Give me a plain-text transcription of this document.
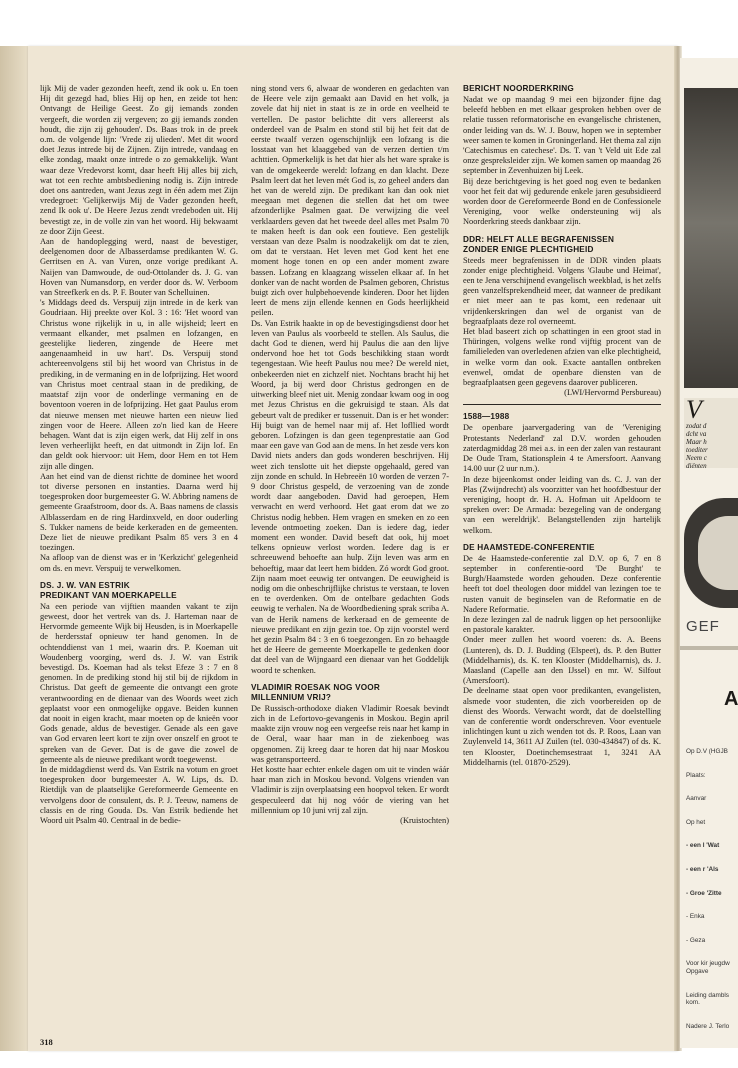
lijk Mij de vader gezonden heeft, zend ik ook u. En toen Hij dit gezegd had, blies Hij op hen, en zeide tot hen: Ontvangt de Heilige Geest. Zo gij iemands zonden vergeeft, die worden zij vergeven; zo gij iemands zonden houdt, die zijn zij gehouden'. Ds. Baas trok in de preek o.m. de volgende lijn: 'Vrede zij ulieden'. Met dit woord doet Jezus intrede bij de Zijnen. Zijn intrede, vandaag en elke zondag, maakt onze intrede o zo gemakkelijk. Want waar deze Vredevorst komt, daar heeft Hij alles bij zich, wat tot een rechte ambtsbediening nodig is. Zijn intrede doet ons aantreden, want Jezus zegt in één adem met Zijn vredegroet: 'Gelijkerwijs Mij de Vader gezonden heeft, zend Ik ook u'. De Heere Jezus zendt vredeboden uit. Hij bevestigt ze, in de volle zin van het woord. Hij bekwaamt ze door Zijn Geest.

Aan de handoplegging werd, naast de bevestiger, deelgenomen door de Albasserdamse predikanten W. G. Gerritsen en A. van Vuren, onze vorige predikant A. Naijen van Damwoude, de oud-Ottolander ds. J. G. van Hoven van Numansdorp, en verder door ds. W. Verboom van Streefkerk en ds. P. F. Bouter van Schelluinen.

's Middags deed ds. Verspuij zijn intrede in de kerk van Goudriaan. Hij preekte over Kol. 3 : 16: 'Het woord van Christus wone rijkelijk in u, in alle wijsheid; leert en vermaant elkander, met psalmen en lofzangen, en geestelijke liederen, zingende de Heere met aangenaamheid in uw hart'. Ds. Verspuij stond achtereenvolgens stil bij het woord van Christus in de prediking, in de vermaning en in de lofprijzing. Het woord van Christus moet centraal staan in de prediking, de maatstaf zijn voor de onderlinge vermaning en de boventoon voeren in de lofprijzing. Het gaat Paulus erom dat nieuwe mensen met nieuwe harten een nieuw lied zingen voor de Heere. Alleen zo'n lied kan de Heere behagen. Want dat is zijn eigen werk, dat Hij zelf in ons leven verheerlijkt heeft, en dat uitmondt in Zijn lof. En dan geldt ook hiervoor: uit Hem, door Hem en tot Hem zijn alle dingen.

Aan het eind van de dienst richtte de dominee het woord tot diverse personen en instanties. Daarna werd hij toegesproken door burgemeester G. W. Abbring namens de gemeente Graafstroom, door ds. A. Baas namens de classis Alblasserdam en de ring Hardinxveld, en door ouderling S. Tukker namens de beide kerkeraden en de gemeenten. Deze liet de nieuwe predikant Psalm 85 vers 3 en 4 toezingen.

Na afloop van de dienst was er in 'Kerkzicht' gelegenheid om ds. en mevr. Verspuij te verwelkomen.

DS. J. W. VAN ESTRIK
PREDIKANT VAN MOERKAPELLE

Na een periode van vijftien maanden vakant te zijn geweest, door het vertrek van ds. J. Harteman naar de Hervormde gemeente Wijk bij Heusden, is in Moerkapelle de herdersstaf opnieuw ter hand genomen. In de ochtenddienst van 1 mei, waarin drs. P. Koeman uit Woudenberg voorging, werd ds. J. W. van Estrik bevestigd. Ds. Koeman had als tekst Efeze 3 : 7 en 8 genomen. In de prediking stond hij stil bij de rijkdom in Christus. Dat geeft de gemeente die ontvangt een grote verantwoording en de dienaar van des Woords weet zich geplaatst voor een onmogelijke opgave. Beiden kunnen dat nooit in eigen kracht, maar moeten op de knieën voor Gods genade, aldus de bevestiger. Genade als een gave van God ervaren leert kort te zijn over onszelf en groot te spreken van de Gever. Dat is de gave die zowel de gemeente als de nieuwe predikant wordt toegewenst.

In de middagdienst werd ds. Van Estrik na votum en groet toegesproken door burgemeester A. W. Lips, ds. D. Rietdijk van de plaatselijke Gereformeerde Gemeente en vervolgens door de consulent, ds. P. J. Teeuw, namens de classis en de ring Gouda. Ds. Van Estrik bediende het Woord uit Psalm 40. Centraal in de bedie-

ning stond vers 6, alwaar de wonderen en gedachten van de Heere vele zijn gemaakt aan David en het volk, ja zovele dat hij niet in staat is ze in orde en veelheid te vertellen. De pastor belichtte dit vers allereerst als onderdeel van de Psalm en stond stil bij het feit dat de eerste twaalf verzen ogenschijnlijk een lofzang is die losstaat van het klaaggebed van de verzen dertien t/m achttien. Opmerkelijk is het dat hier als het ware sprake is van de omgekeerde wereld: lofzang en dan klacht. Deze Psalm leert dat het leven mét God is, zo geheel anders dan het van de wereld zijn. De predikant kan dan ook niet meegaan met degenen die stellen dat het om twee afzonderlijke Psalmen gaat. De verwijzing die veel verklaarders geven dat het tweede deel alles met Psalm 70 te maken heeft is dan ook een foutieve. Een gestelijk verstaan van deze Psalm is noodzakelijk om dat te zien, om dat te verstaan. Het leven met God kent het ene moment hoge tonen en op een ander moment zware bassen. Lofzang en klaagzang wisselen elkaar af. In het donker van de nacht worden de Psalmen geboren, Christus buigt zich over hulpbehoevende kinderen. Door het lijden leert de mens zijn ellende kennen en Gods heerlijkheid peilen.

Ds. Van Estrik haakte in op de bevestigingsdienst door het leven van Paulus als voorbeeld te stellen. Als Saulus, die dacht God te dienen, werd hij Paulus die aan den lijve ondervond hoe het tot Gods beschikking staan wordt tegengestaan. Wie heeft Paulus nou mee? De wereld niet, onbekeerden niet en zichzelf niet. Nochtans bracht hij het Woord, ja bij werd door Christus gedrongen en de uitwerking bleef niet uit. Menig zondaar kwam oog in oog met Jezus Christus en die gekruisigd te staan. Als dat gebeurt valt de prediker er tussenuit. Dan is er het wonder: Hij buigt van de hemel naar mij af. Het lofllied wordt geboren. Lofzingen is dan geen tegenprestatie aan God maar een gave van God aan de mens. In het zesde vers kon David niets anders dan gods wonderen beschrijven. Hij weet zich tenslotte uit het diepste opgehaald, gered van zijn zonde en schuld. In Hebreeën 10 worden de verzen 7-9 door Christus gespeld, de verzoening van de zonde wordt daar aangeboden. David had geroepen, Hem verwacht en werd verhoord. Het gaat erom dat we zo Christus nodig hebben. Hem vragen en smeken en zo een levende ontmoeting zoeken. Dan is iedere dag, ieder moment een wonder. David beseft dat ook, hij moet telkens opnieuw verlost worden. Iedere dag is er schreeuwend behoefte aan hulp. Zijn leven was arm en behoeftig, maar dat leert hem bidden. Zó wordt God groot. Zijn naam moet eeuwig ter ontvangen. De eeuwigheid is nodig om die onbeschrijflijke christus te verstaan, te loven en te overdenken. Om de ontelbare gedachten Gods eeuwig te verhalen. Na de Woordbediening sprak scriba A. van de Herik namens de kerkeraad en de gemeente de nieuwe predikant en zijn gezin toe. Op zijn voorstel werd het gezin Psalm 84 : 3 en 6 toegezongen. En zo behaagde het de Heere de gemeente Moerkapelle te gedenken door dat deel van de Wijngaard een dienaar van het Goddelijk woord te schenken.

VLADIMIR ROESAK NOG VOOR
MILLENNIUM VRIJ?

De Russisch-orthodoxe diaken Vladimir Roesak bevindt zich in de Lefortovo-gevangenis in Moskou. Begin april maakte zijn vrouw nog een vergeefse reis naar het kamp in de Oeral, waar haar man in de ziekenboeg was opgenomen. Zij kreeg daar te horen dat hij naar Moskou was getransporteerd.

Het kostte haar echter enkele dagen om uit te vinden wáár haar man zich in Moskou bevond. Volgens vrienden van Vladimir is zijn overplaatsing een hoopvol teken. Er wordt gespeculeerd dat hij nog vóór de viering van het millennium op 10 juni vrij zal zijn.

(Kruistochten)
BERICHT NOORDERKRING

Nadat we op maandag 9 mei een bijzonder fijne dag beleefd hebben en met elkaar gesproken hebben over de relatie tussen reformatorische en evangelische christenen, onder leiding van ds. W. J. Bouw, hopen we in september weer samen te komen in Groningerland. Het thema zal zijn 'Catechismus en catechese'. Ds. T. van 't Veld uit Ede zal onze gespreksleider zijn. We komen samen op maandag 26 september in Zevenhuizen bij Leek.

Bij deze berichtgeving is het goed nog even te bedanken voor het feit dat wij gedurende enkele jaren gesubsidieerd worden door de Gereformeerde Bond en de Confessionele Vereniging, voor welke ondersteuning wij als Noorderkring steeds dankbaar zijn.

DDR: HELFT ALLE BEGRAFENISSEN
ZONDER ENIGE PLECHTIGHEID

Steeds meer begrafenissen in de DDR vinden plaats zonder enige plechtigheid. Volgens 'Glaube und Heimat', een te Jena verschijnend evangelisch weekblad, is het zelfs geen vanzelfsprekendheid meer, dat wanneer de predikant er niet meer aan te pas komt, een redenaar uit vrijdenkerskringen dan wel de organist van de begraafplaats deze rol overneemt.

Het blad baseert zich op schattingen in een groot stad in Thüringen, volgens welke rond vijftig procent van de familieleden van overledenen afzien van elke plechtigheid, in welke vorm dan ook. Exacte aantallen ontbreken evenwel, omdat de openbare diensten van de begraafplaatsen geen gegevens daarover publiceren.

(LWI/Hervormd Persbureau)
1588—1988

De openbare jaarvergadering van de 'Vereniging Protestants Nederland' zal D.V. worden gehouden zaterdagmiddag 28 mei a.s. in een der zalen van restaurant De Oude Tram, Stationsplein 4 te Amersfoort. Aanvang 14.00 uur (2 uur n.m.).

In deze bijeenkomst onder leiding van ds. C. J. van der Plas (Zwijndrecht) als voorzitter van het hoofdbestuur der vereniging, hoopt dr. H. A. Hofman uit Apeldoorn te spreken over: De Armada: bezegeling van de ondergang van een wereldrijk'. Belangstellenden zijn hartelijk welkom.

DE HAAMSTEDE-CONFERENTIE

De 4e Haamstede-conferentie zal D.V. op 6, 7 en 8 september in conferentie-oord 'De Burght' te Burgh/Haamstede worden gehouden. Deze conferentie heeft tot doel theologen door middel van lezingen toe te rusten vanuit de beginselen van de Reformatie en de Nadere Reformatie.

In deze lezingen zal de nadruk liggen op het persoonlijke en pastorale karakter.

Onder meer zullen het woord voeren: ds. A. Beens (Lunteren), ds. D. J. Budding (Elspeet), ds. P. den Butter (Middelharnis), ds. K. ten Klooster (Middelharnis), ds. J. Maasland (Capelle aan den IJssel) en mr. W. Silfout (Amersfoort).

De deelname staat open voor predikanten, evangelisten, alsmede voor studenten, die zich voorbereiden op de dienst des Woords. Verwacht wordt, dat de doelstelling van de conferentie wordt onderschreven. Voor eventuele inlichtingen kunt u zich wenden tot ds. P. Roos, Laan van Zuylenveld 14, 3611 AJ Zuilen (tel. 030-434847) of ds. K. ten Klooster, Doetinchemsestraat 1, 3241 AA Middelharnis (tel. 01870-2529).

318
V
zodat d
dcht va
Maar h
toediter
Neem c
diënten
GEF
A
Op D.V (HGJB
Plaats:
Aanvar
Op het
- een l 'Wat
- een r 'Als
- Groe 'Zitte
- Enka
- Geza
Voor kir jeugdw Opgave
Leiding dambls kom.
Nadere J. Terlo
